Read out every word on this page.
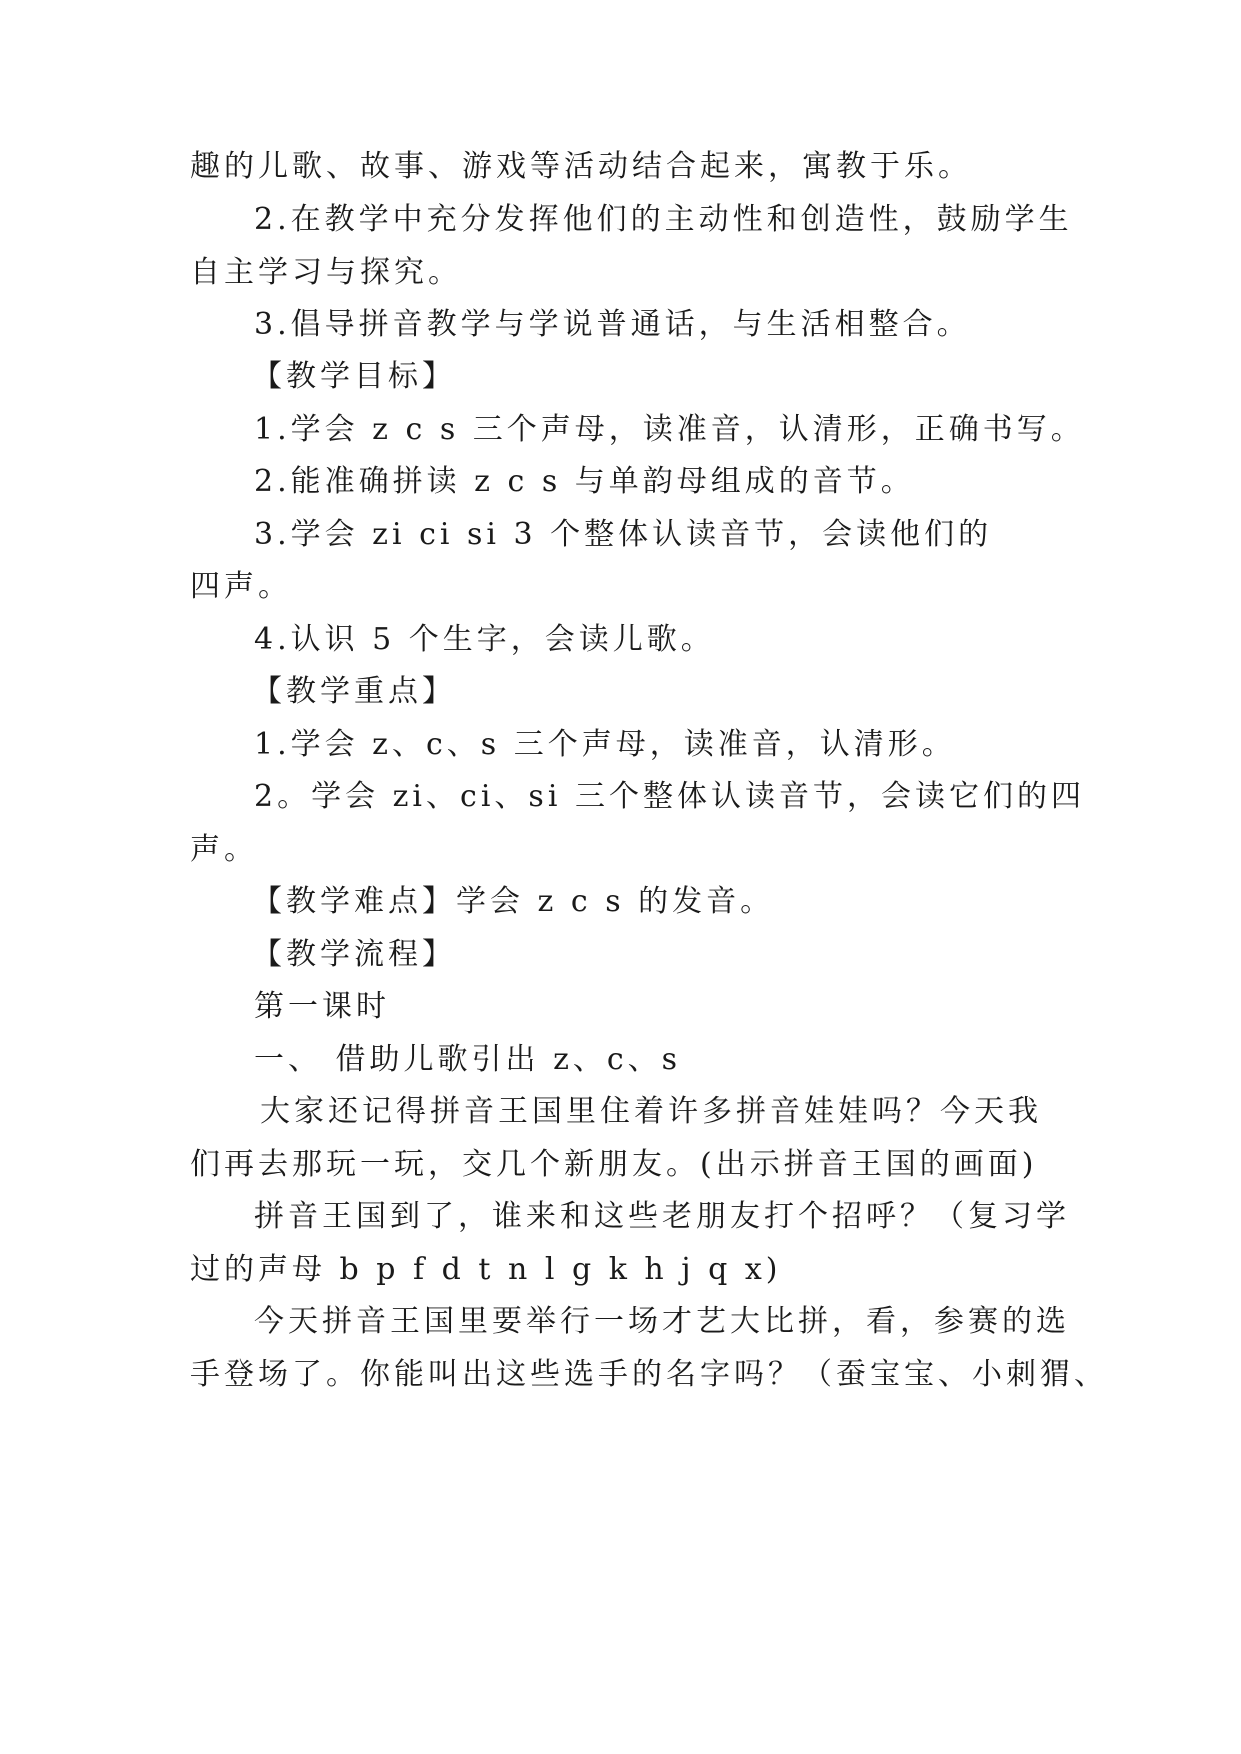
趣的儿歌、故事、游戏等活动结合起来，寓教于乐。
2.在教学中充分发挥他们的主动性和创造性，鼓励学生
自主学习与探究。
3.倡导拼音教学与学说普通话，与生活相整合。
【教学目标】
1.学会 z c s 三个声母，读准音，认清形，正确书写。
2.能准确拼读 z c s 与单韵母组成的音节。
3.学会 zi ci si 3 个整体认读音节，会读他们的
四声。
4.认识 5 个生字，会读儿歌。
【教学重点】
1.学会 z、c、s 三个声母，读准音，认清形。
2。学会 zi、ci、si 三个整体认读音节，会读它们的四
声。
【教学难点】学会 z c s 的发音。
【教学流程】
第一课时
一、 借助儿歌引出 z、c、s
大家还记得拼音王国里住着许多拼音娃娃吗？今天我
们再去那玩一玩，交几个新朋友。(出示拼音王国的画面)
拼音王国到了，谁来和这些老朋友打个招呼？（复习学
过的声母 b p f d t n l g k h j q x)
今天拼音王国里要举行一场才艺大比拼，看，参赛的选
手登场了。你能叫出这些选手的名字吗？（蚕宝宝、小刺猬、
